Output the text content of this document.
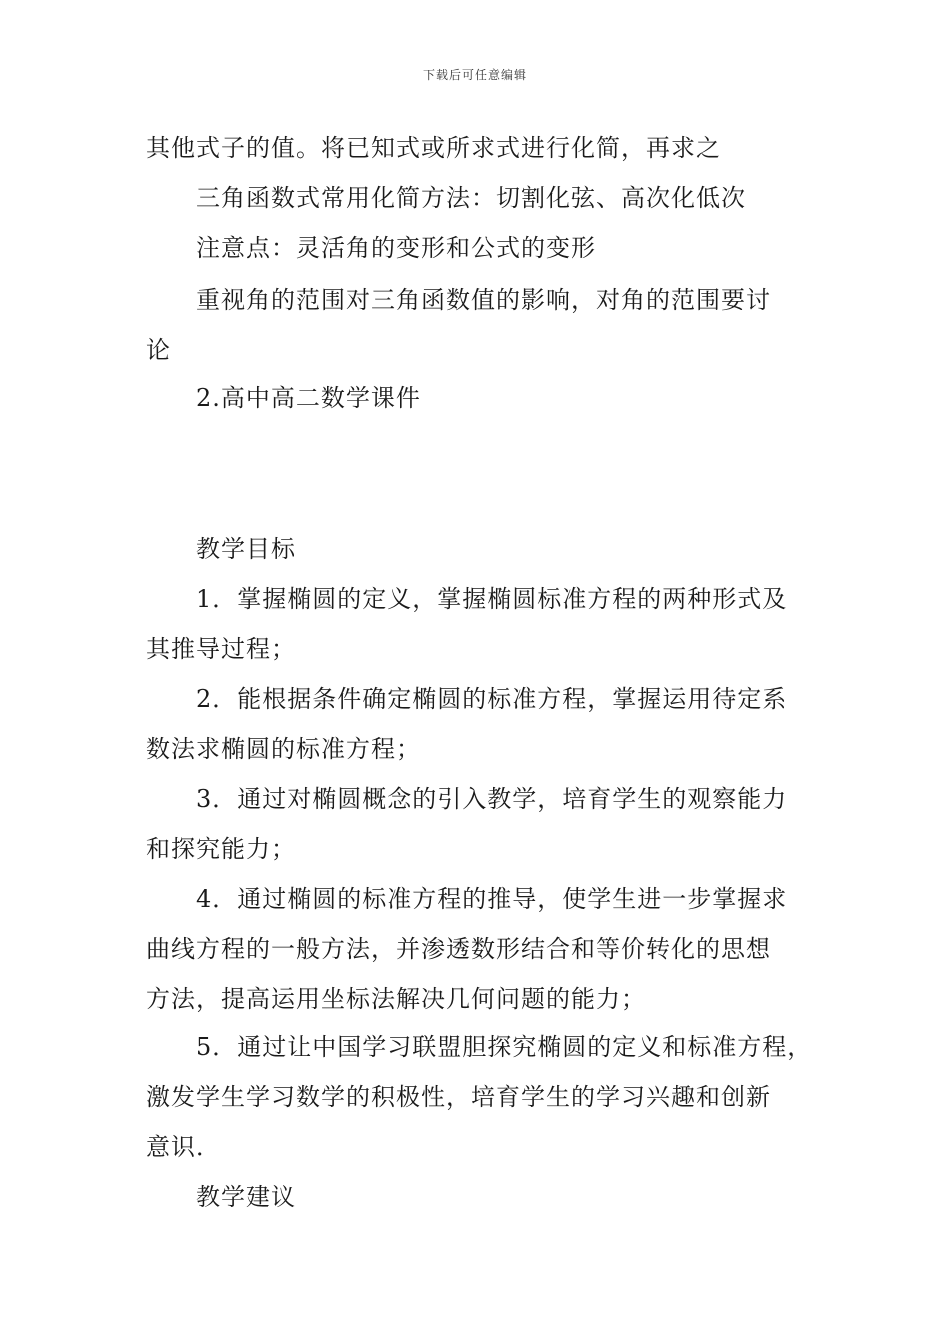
下载后可任意编辑
其他式子的值。将已知式或所求式进行化简，再求之
三角函数式常用化简方法：切割化弦、高次化低次
注意点：灵活角的变形和公式的变形
重视角的范围对三角函数值的影响，对角的范围要讨
论
2.高中高二数学课件
教学目标
1．掌握椭圆的定义，掌握椭圆标准方程的两种形式及
其推导过程；
2．能根据条件确定椭圆的标准方程，掌握运用待定系
数法求椭圆的标准方程；
3．通过对椭圆概念的引入教学，培育学生的观察能力
和探究能力；
4．通过椭圆的标准方程的推导，使学生进一步掌握求
曲线方程的一般方法，并渗透数形结合和等价转化的思想
方法，提高运用坐标法解决几何问题的能力；
5．通过让中国学习联盟胆探究椭圆的定义和标准方程，
激发学生学习数学的积极性，培育学生的学习兴趣和创新
意识．
教学建议
